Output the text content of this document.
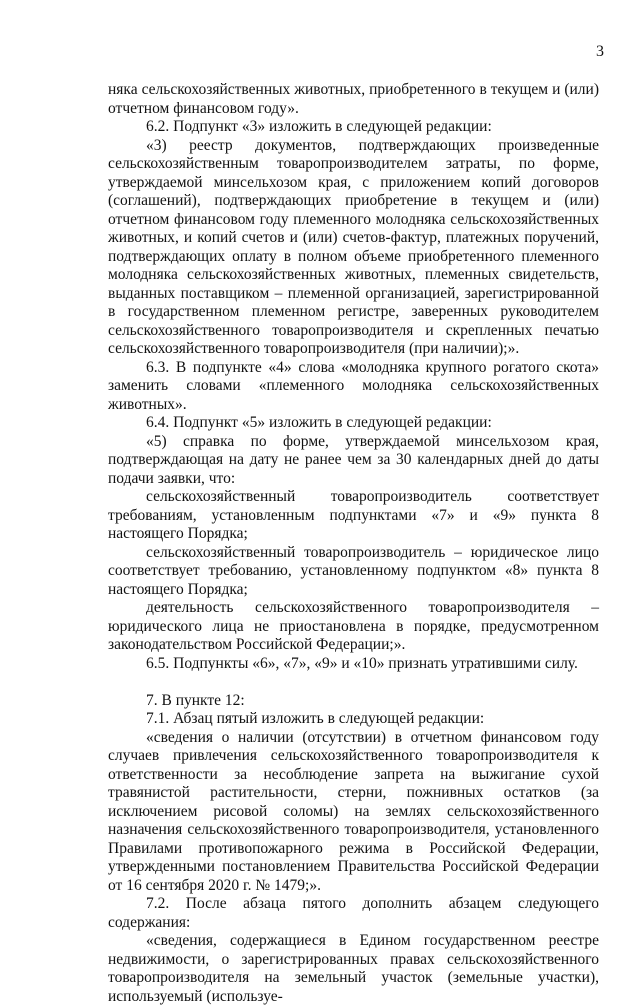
3

няка сельскохозяйственных животных, приобретенного в текущем и (или) отчетном финансовом году».

6.2. Подпункт «3» изложить в следующей редакции:

«3) реестр документов, подтверждающих произведенные сельскохозяйственным товаропроизводителем затраты, по форме, утверждаемой минсельхозом края, с приложением копий договоров (соглашений), подтверждающих приобретение в текущем и (или) отчетном финансовом году племенного молодняка сельскохозяйственных животных, и копий счетов и (или) счетов-фактур, платежных поручений, подтверждающих оплату в полном объеме приобретенного племенного молодняка сельскохозяйственных животных, племенных свидетельств, выданных поставщиком – племенной организацией, зарегистрированной в государственном племенном регистре, заверенных руководителем сельскохозяйственного товаропроизводителя и скрепленных печатью сельскохозяйственного товаропроизводителя (при наличии);».

6.3. В подпункте «4» слова «молодняка крупного рогатого скота» заменить словами «племенного молодняка сельскохозяйственных животных».

6.4. Подпункт «5» изложить в следующей редакции:

«5) справка по форме, утверждаемой минсельхозом края, подтверждающая на дату не ранее чем за 30 календарных дней до даты подачи заявки, что:

сельскохозяйственный товаропроизводитель соответствует требованиям, установленным подпунктами «7» и «9» пункта 8 настоящего Порядка;

сельскохозяйственный товаропроизводитель – юридическое лицо соответствует требованию, установленному подпунктом «8» пункта 8 настоящего Порядка;

деятельность сельскохозяйственного товаропроизводителя – юридического лица не приостановлена в порядке, предусмотренном законодательством Российской Федерации;».

6.5. Подпункты «6», «7», «9» и «10» признать утратившими силу.

7. В пункте 12:

7.1. Абзац пятый изложить в следующей редакции:

«сведения о наличии (отсутствии) в отчетном финансовом году случаев привлечения сельскохозяйственного товаропроизводителя к ответственности за несоблюдение запрета на выжигание сухой травянистой растительности, стерни, пожнивных остатков (за исключением рисовой соломы) на землях сельскохозяйственного назначения сельскохозяйственного товаропроизводителя, установленного Правилами противопожарного режима в Российской Федерации, утвержденными постановлением Правительства Российской Федерации от 16 сентября 2020 г. № 1479;».

7.2. После абзаца пятого дополнить абзацем следующего содержания:

«сведения, содержащиеся в Едином государственном реестре недвижимости, о зарегистрированных правах сельскохозяйственного товаропроизводителя на земельный участок (земельные участки), используемый (используе-
